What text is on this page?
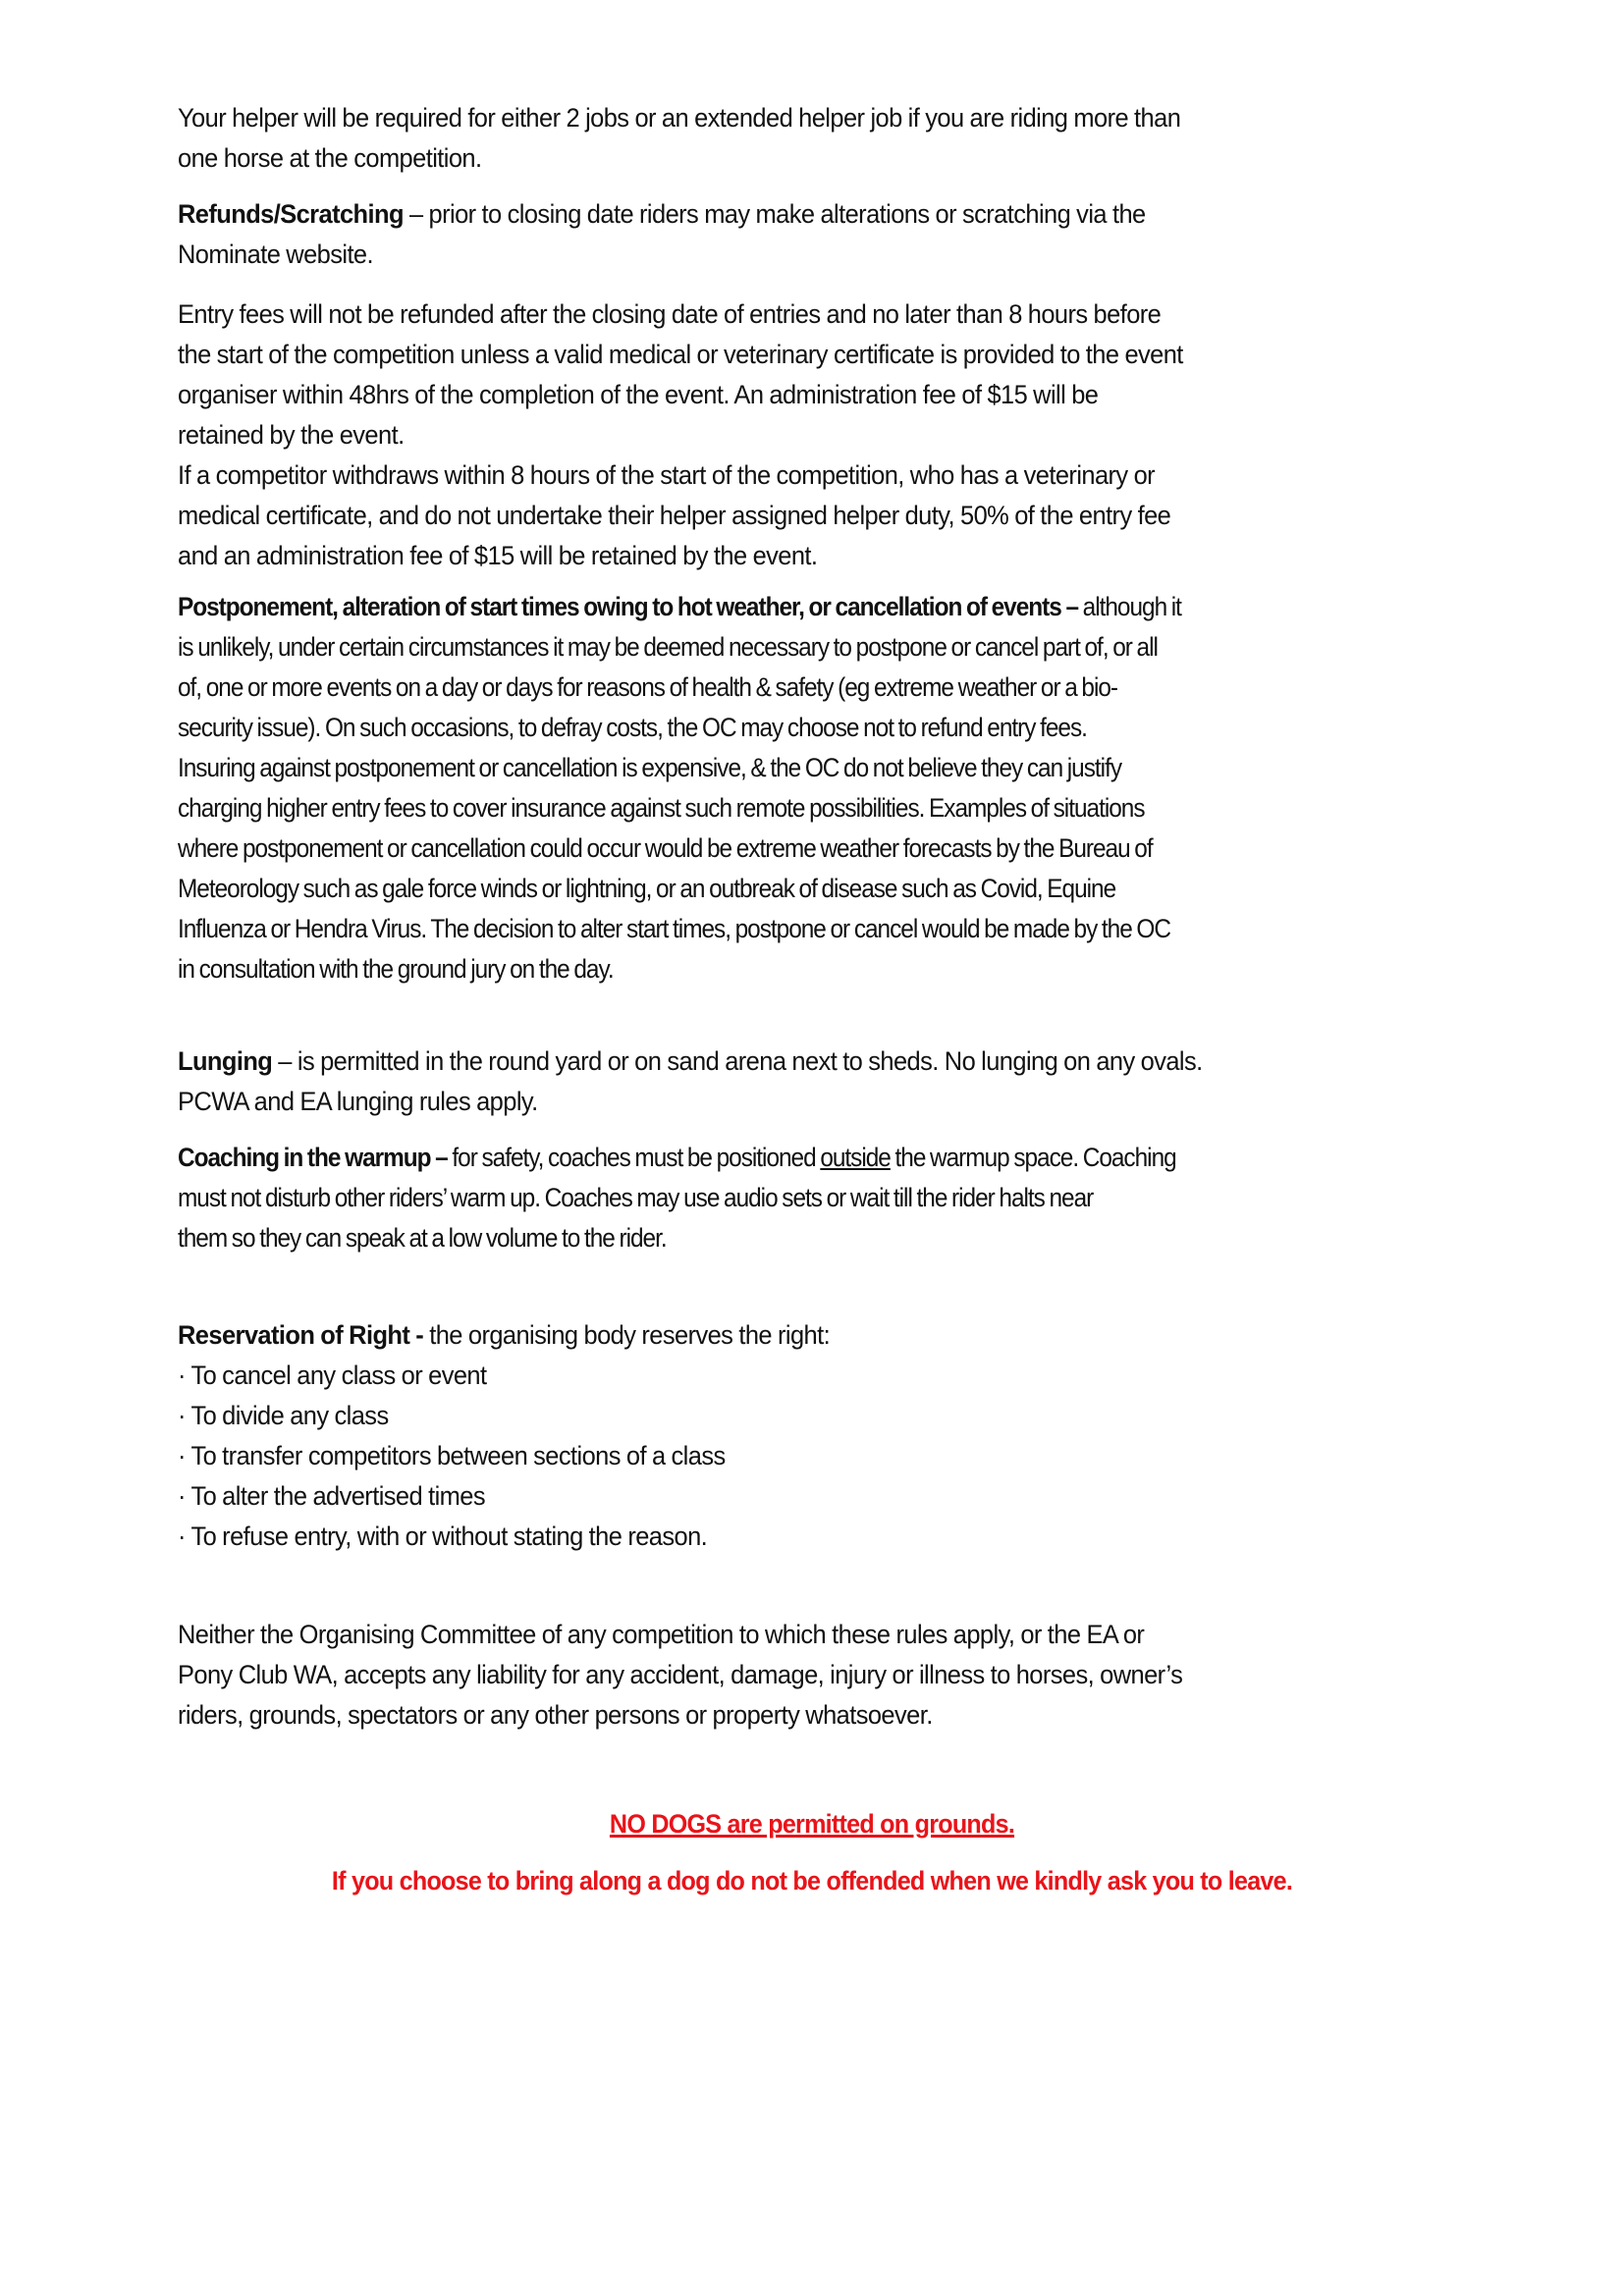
Your helper will be required for either 2 jobs or an extended helper job if you are riding more than
one horse at the competition.

Refunds/Scratching – prior to closing date riders may make alterations or scratching via the
Nominate website.

Entry fees will not be refunded after the closing date of entries and no later than 8 hours before
the start of the competition unless a valid medical or veterinary certificate is provided to the event
organiser within 48hrs of the completion of the event. An administration fee of $15 will be
retained by the event.
If a competitor withdraws within 8 hours of the start of the competition, who has a veterinary or
medical certificate, and do not undertake their helper assigned helper duty, 50% of the entry fee
and an administration fee of $15 will be retained by the event.

Postponement, alteration of start times owing to hot weather, or cancellation of events – although it
is unlikely, under certain circumstances it may be deemed necessary to postpone or cancel part of, or all
of, one or more events on a day or days for reasons of health & safety (eg extreme weather or a bio-
security issue). On such occasions, to defray costs, the OC may choose not to refund entry fees.
Insuring against postponement or cancellation is expensive, & the OC do not believe they can justify
charging higher entry fees to cover insurance against such remote possibilities. Examples of situations
where postponement or cancellation could occur would be extreme weather forecasts by the Bureau of
Meteorology such as gale force winds or lightning, or an outbreak of disease such as Covid, Equine
Influenza or Hendra Virus. The decision to alter start times, postpone or cancel would be made by the OC
in consultation with the ground jury on the day.

Lunging – is permitted in the round yard or on sand arena next to sheds. No lunging on any ovals.
PCWA and EA lunging rules apply.

Coaching in the warmup – for safety, coaches must be positioned outside the warmup space. Coaching
must not disturb other riders’ warm up. Coaches may use audio sets or wait till the rider halts near
them so they can speak at a low volume to the rider.

Reservation of Right - the organising body reserves the right:
· To cancel any class or event
· To divide any class
· To transfer competitors between sections of a class
· To alter the advertised times
· To refuse entry, with or without stating the reason.

Neither the Organising Committee of any competition to which these rules apply, or the EA or
Pony Club WA, accepts any liability for any accident, damage, injury or illness to horses, owner’s
riders, grounds, spectators or any other persons or property whatsoever.

NO DOGS are permitted on grounds.
If you choose to bring along a dog do not be offended when we kindly ask you to leave.
